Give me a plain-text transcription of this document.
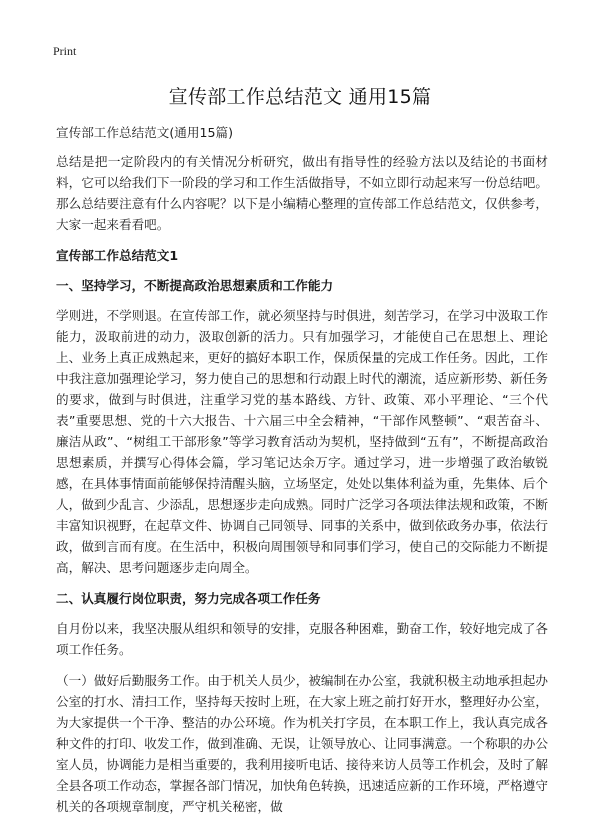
Print
宣传部工作总结范文 通用15篇

宣传部工作总结范文(通用15篇)

总结是把一定阶段内的有关情况分析研究，做出有指导性的经验方法以及结论的书面材料，它可以给我们下一阶段的学习和工作生活做指导，不如立即行动起来写一份总结吧。那么总结要注意有什么内容呢？以下是小编精心整理的宣传部工作总结范文，仅供参考，大家一起来看看吧。

宣传部工作总结范文1

一、坚持学习，不断提高政治思想素质和工作能力

学则进，不学则退。在宣传部工作，就必须坚持与时俱进，刻苦学习，在学习中汲取工作能力，汲取前进的动力，汲取创新的活力。只有加强学习，才能使自己在思想上、理论上、业务上真正成熟起来，更好的搞好本职工作，保质保量的完成工作任务。因此，工作中我注意加强理论学习，努力使自己的思想和行动跟上时代的潮流，适应新形势、新任务的要求，做到与时俱进，注重学习党的基本路线、方针、政策、邓小平理论、“三个代表”重要思想、党的十六大报告、十六届三中全会精神，“干部作风整顿”、“艰苦奋斗、廉洁从政”、“树组工干部形象”等学习教育活动为契机，坚持做到“五有”，不断提高政治思想素质，并撰写心得体会篇，学习笔记达余万字。通过学习，进一步增强了政治敏锐感，在具体事情面前能够保持清醒头脑，立场坚定，处处以集体利益为重，先集体、后个人，做到少乱言、少添乱，思想逐步走向成熟。同时广泛学习各项法律法规和政策，不断丰富知识视野，在起草文件、协调自己同领导、同事的关系中，做到依政务办事，依法行政，做到言而有度。在生活中，积极向周围领导和同事们学习，使自己的交际能力不断提高，解决、思考问题逐步走向周全。

二、认真履行岗位职责，努力完成各项工作任务

自月份以来，我坚决服从组织和领导的安排，克服各种困难，勤奋工作，较好地完成了各项工作任务。

（一）做好后勤服务工作。由于机关人员少，被编制在办公室，我就积极主动地承担起办公室的打水、清扫工作，坚持每天按时上班，在大家上班之前打好开水，整理好办公室，为大家提供一个干净、整洁的办公环境。作为机关打字员，在本职工作上，我认真完成各种文件的打印、收发工作，做到准确、无误，让领导放心、让同事满意。一个称职的办公室人员，协调能力是相当重要的，我利用接听电话、接待来访人员等工作机会，及时了解全县各项工作动态，掌握各部门情况，加快角色转换，迅速适应新的工作环境，严格遵守机关的各项规章制度，严守机关秘密，做
